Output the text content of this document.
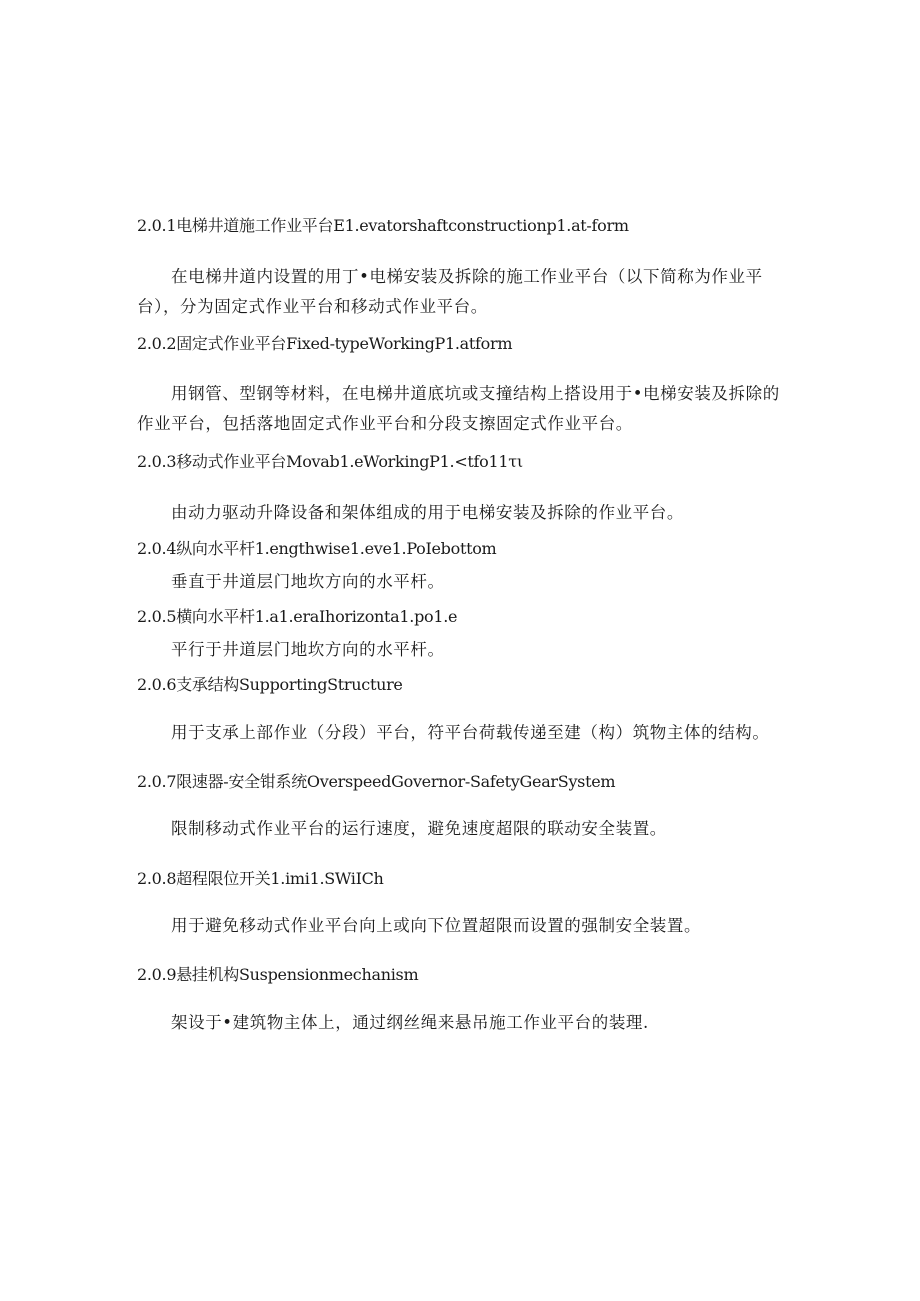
2.0.1电梯井道施工作业平台E1.evatorshaftconstructionp1.at-form
在电梯井道内设置的用丁•电梯安装及拆除的施工作业平台（以下简称为作业平台），分为固定式作业平台和移动式作业平台。
2.0.2固定式作业平台Fixed-typeWorkingP1.atform
用钢管、型钢等材料，在电梯井道底坑或支撞结构上搭设用于•电梯安装及拆除的作业平台，包括落地固定式作业平台和分段支擦固定式作业平台。
2.0.3移动式作业平台Movab1.eWorkingP1.<tfo11τι
由动力驱动升降设备和架体组成的用于电梯安装及拆除的作业平台。
2.0.4纵向水平杆1.engthwise1.eve1.PoIebottom
垂直于井道层门地坎方向的水平杆。
2.0.5横向水平杆1.a1.eraIhorizonta1.po1.e
平行于井道层门地坎方向的水平杆。
2.0.6支承结构SupportingStructure
用于支承上部作业（分段）平台，符平台荷载传递至建（构）筑物主体的结构。
2.0.7限速器-安全钳系统OverspeedGovernor-SafetyGearSystem
限制移动式作业平台的运行速度，避免速度超限的联动安全装置。
2.0.8超程限位开关1.imi1.SWiICh
用于避免移动式作业平台向上或向下位置超限而设置的强制安全装置。
2.0.9悬挂机构Suspensionmechanism
架设于•建筑物主体上，通过纲丝绳来悬吊施工作业平台的装理.
